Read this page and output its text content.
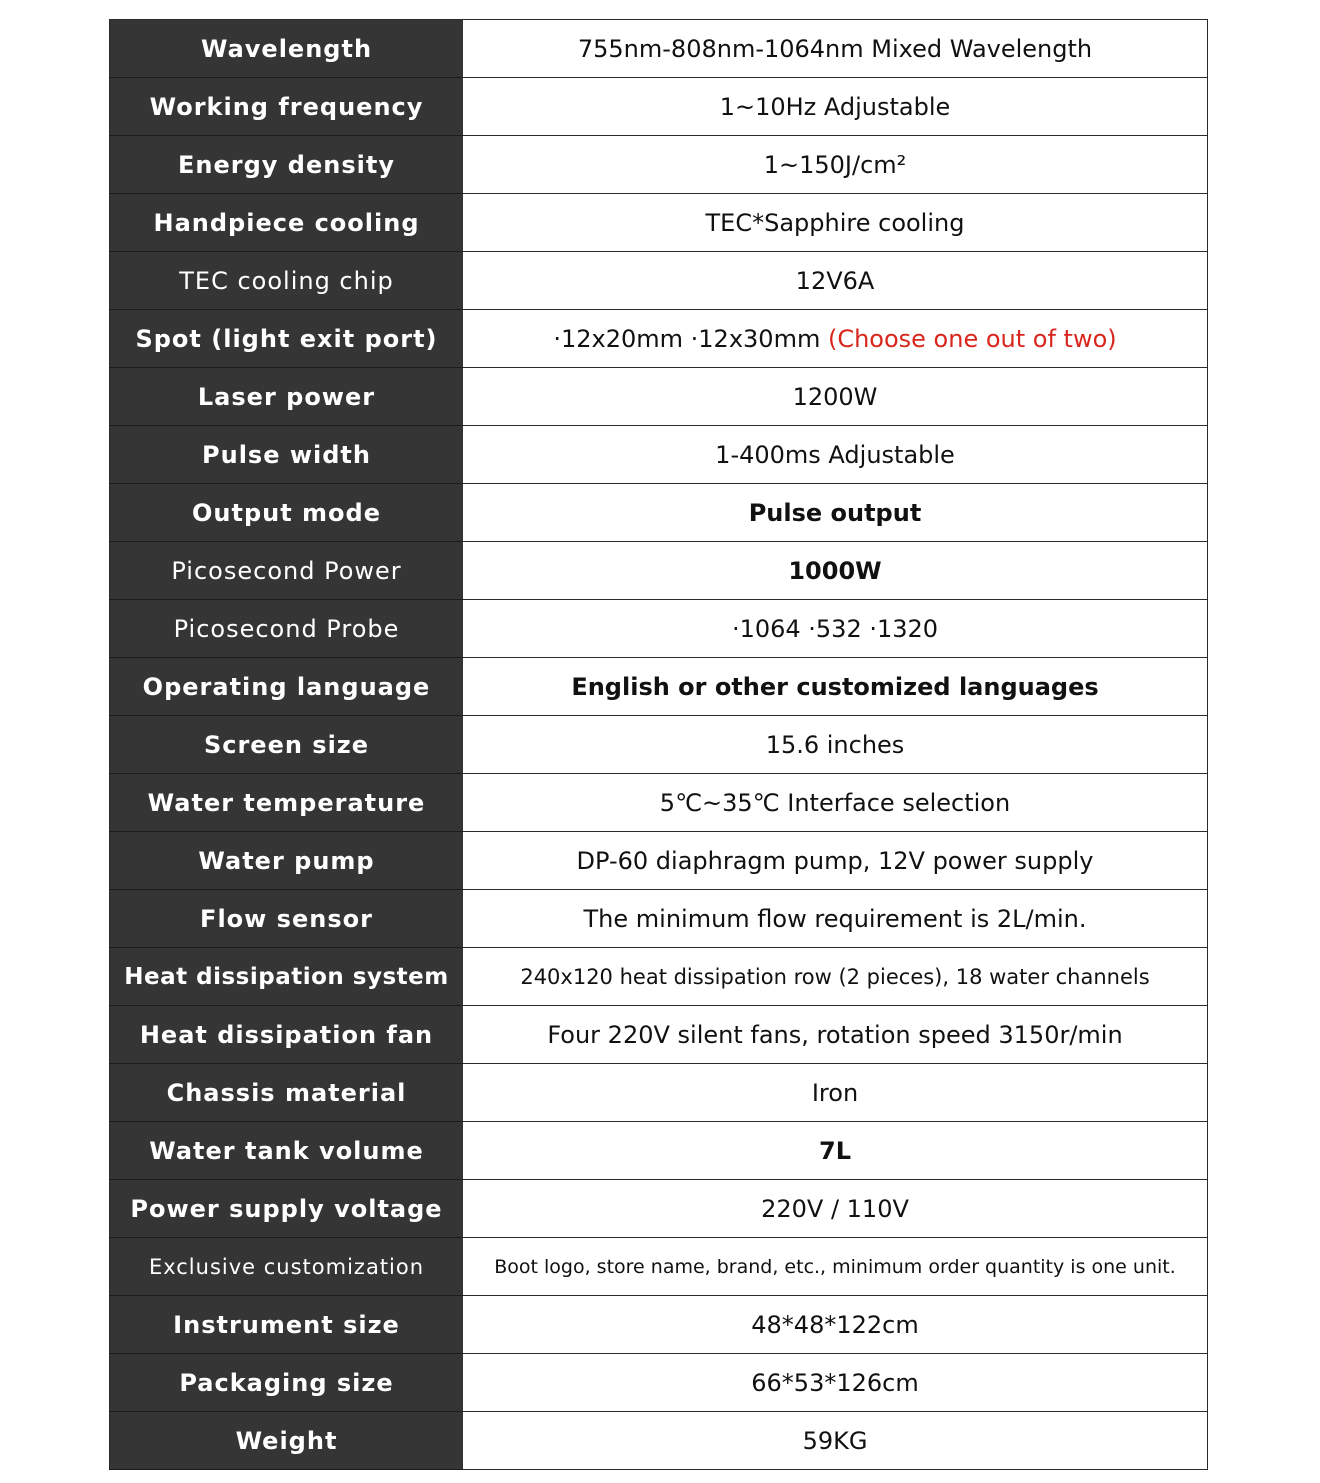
Wavelength	755nm-808nm-1064nm Mixed Wavelength
Working frequency	1~10Hz Adjustable
Energy density	1~150J/cm²
Handpiece cooling	TEC*Sapphire cooling
TEC cooling chip	12V6A
Spot (light exit port)	·12x20mm ·12x30mm (Choose one out of two)
Laser power	1200W
Pulse width	1-400ms Adjustable
Output mode	Pulse output
Picosecond Power	1000W
Picosecond Probe	·1064 ·532 ·1320
Operating language	English or other customized languages
Screen size	15.6 inches
Water temperature	5℃~35℃ Interface selection
Water pump	DP-60 diaphragm pump, 12V power supply
Flow sensor	The minimum flow requirement is 2L/min.
Heat dissipation system	240x120 heat dissipation row (2 pieces), 18 water channels
Heat dissipation fan	Four 220V silent fans, rotation speed 3150r/min
Chassis material	Iron
Water tank volume	7L
Power supply voltage	220V / 110V
Exclusive customization	Boot logo, store name, brand, etc., minimum order quantity is one unit.
Instrument size	48*48*122cm
Packaging size	66*53*126cm
Weight	59KG
